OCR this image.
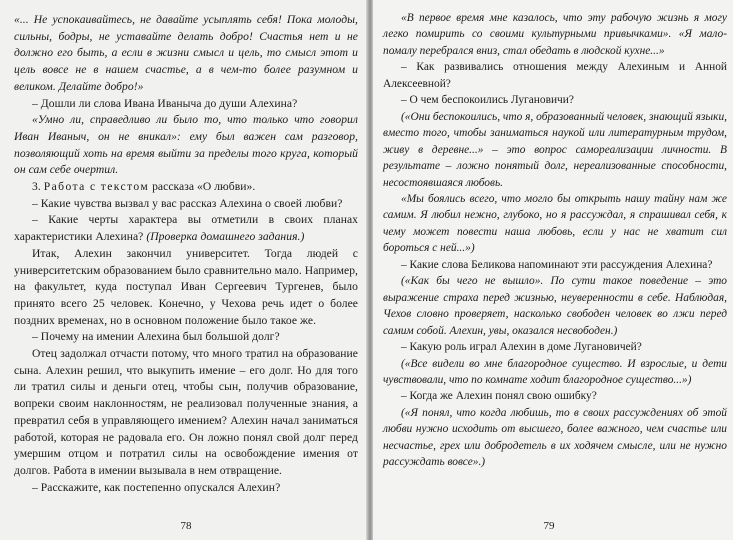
«... Не успокаивайтесь, не давайте усыплять себя! Пока молоды, сильны, бодры, не уставайте делать добро! Счастья нет и не должно его быть, а если в жизни смысл и цель, то смысл этот и цель вовсе не в нашем счастье, а в чем-то более разумном и великом. Делайте добро!»

– Дошли ли слова Ивана Иваныча до души Алехина?

«Умно ли, справедливо ли было то, что только что говорил Иван Иваныч, он не вникал»: ему был важен сам разговор, позволяющий хоть на время выйти за пределы того круга, который он сам себе очертил.

3. Работа с текстом рассказа «О любви».

– Какие чувства вызвал у вас рассказ Алехина о своей любви?

– Какие черты характера вы отметили в своих планах характеристики Алехина? (Проверка домашнего задания.)

Итак, Алехин закончил университет. Тогда людей с университетским образованием было сравнительно мало. Например, на факультет, куда поступал Иван Сергеевич Тургенев, было принято всего 25 человек. Конечно, у Чехова речь идет о более поздних временах, но в основном положение было такое же.

– Почему на имении Алехина был большой долг?

Отец задолжал отчасти потому, что много тратил на образование сына. Алехин решил, что выкупить имение – его долг. Но для того ли тратил силы и деньги отец, чтобы сын, получив образование, вопреки своим наклонностям, не реализовал полученные знания, а превратил себя в управляющего имением? Алехин начал заниматься работой, которая не радовала его. Он ложно понял свой долг перед умершим отцом и потратил силы на освобождение имения от долгов. Работа в имении вызывала в нем отвращение.

– Расскажите, как постепенно опускался Алехин?

78

«В первое время мне казалось, что эту рабочую жизнь я могу легко помирить со своими культурными привычками». «Я мало-помалу перебрался вниз, стал обедать в людской кухне...»

– Как развивались отношения между Алехиным и Анной Алексеевной?

– О чем беспокоились Лугановичи?

(«Они беспокоились, что я, образованный человек, знающий языки, вместо того, чтобы заниматься наукой или литературным трудом, живу в деревне...» – это вопрос самореализации личности. В результате – ложно понятый долг, нереализованные способности, несостоявшаяся любовь.

«Мы боялись всего, что могло бы открыть нашу тайну нам же самим. Я любил нежно, глубоко, но я рассуждал, я спрашивал себя, к чему может повести наша любовь, если у нас не хватит сил бороться с ней...»)

– Какие слова Беликова напоминают эти рассуждения Алехина?

(«Как бы чего не вышло». По сути такое поведение – это выражение страха перед жизнью, неуверенности в себе. Наблюдая, Чехов словно проверяет, насколько свободен человек во лжи перед самим собой. Алехин, увы, оказался несвободен.)

– Какую роль играл Алехин в доме Лугановичей?

(«Все видели во мне благородное существо. И взрослые, и дети чувствовали, что по комнате ходит благородное существо...»)

– Когда же Алехин понял свою ошибку?

(«Я понял, что когда любишь, то в своих рассуждениях об этой любви нужно исходить от высшего, более важного, чем счастье или несчастье, грех или добродетель в их ходячем смысле, или не нужно рассуждать вовсе».)

79
